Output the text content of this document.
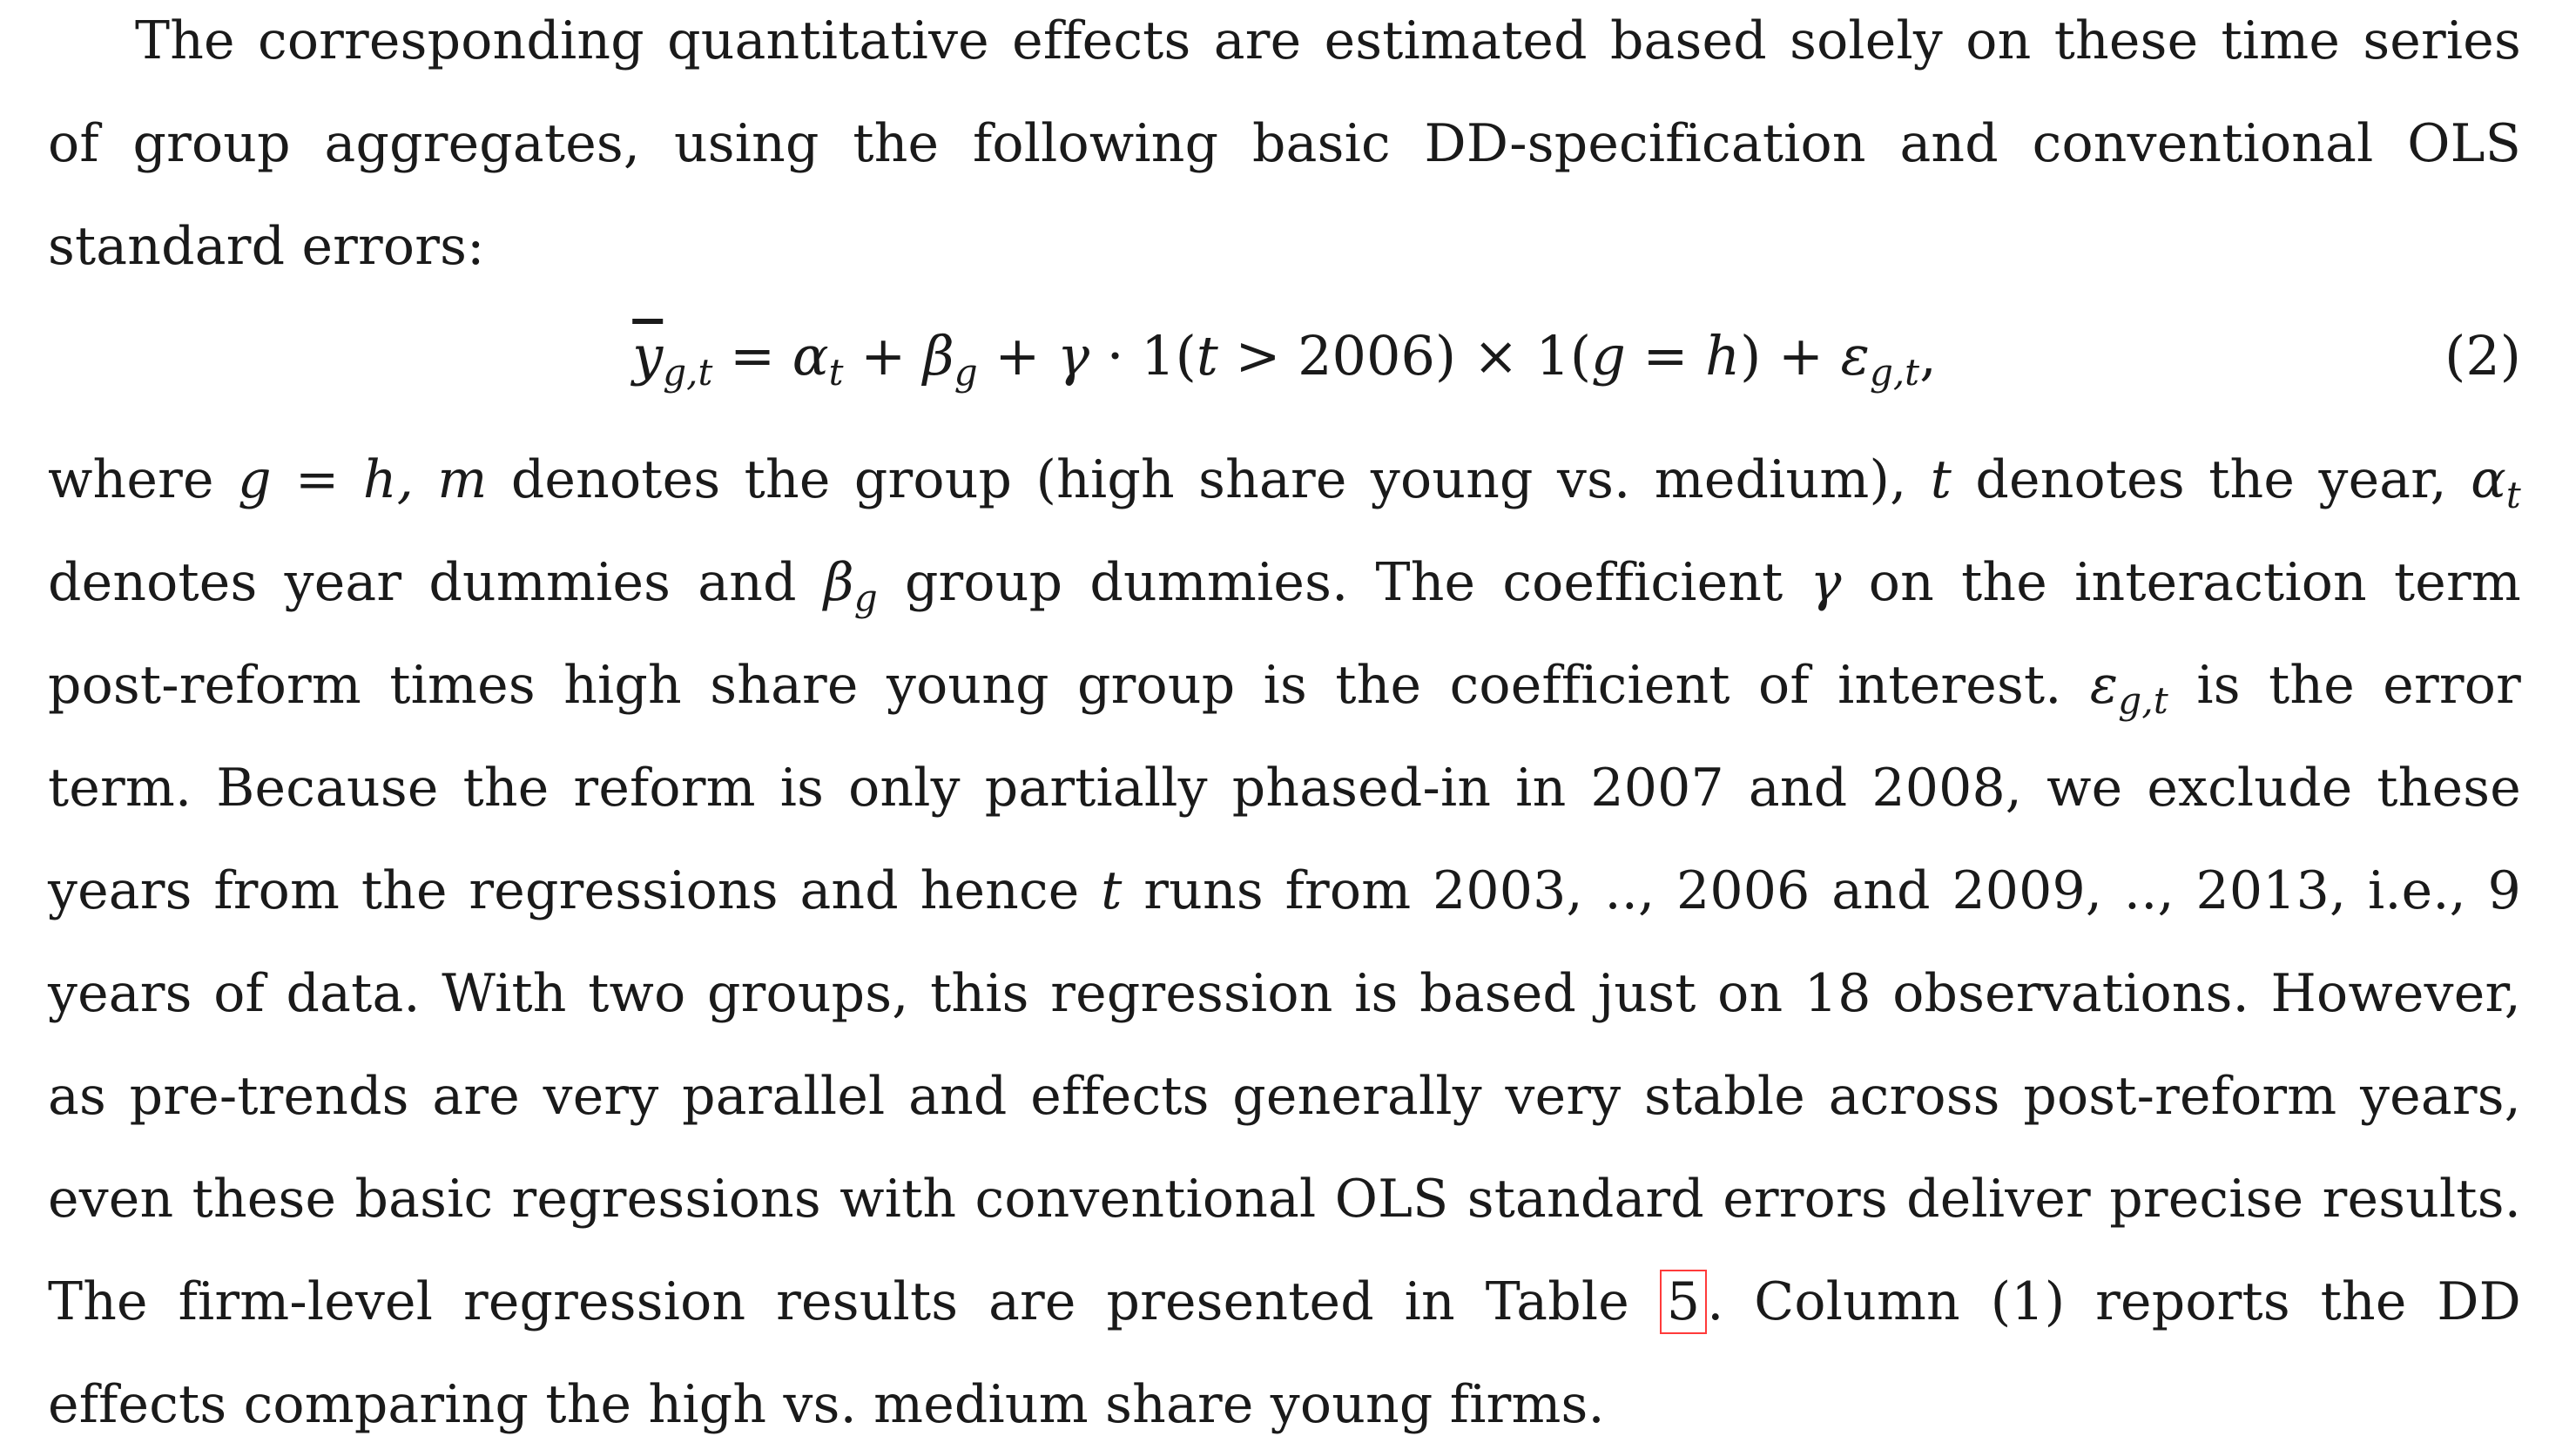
The corresponding quantitative effects are estimated based solely on these time series of group aggregates, using the following basic DD-specification and conventional OLS standard errors:

$\overline{y}_{g,t} = \alpha_t + \beta_g + \gamma \cdot 1(t > 2006) \times 1(g = h) + \varepsilon_{g,t}$,	(2)

where g = h, m denotes the group (high share young vs. medium), t denotes the year, $\alpha_t$ denotes year dummies and $\beta_g$ group dummies. The coefficient γ on the interaction term post-reform times high share young group is the coefficient of interest. $\varepsilon_{g,t}$ is the error term. Because the reform is only partially phased-in in 2007 and 2008, we exclude these years from the regressions and hence t runs from 2003, .., 2006 and 2009, .., 2013, i.e., 9 years of data. With two groups, this regression is based just on 18 observations. However, as pre-trends are very parallel and effects generally very stable across post-reform years, even these basic regressions with conventional OLS standard errors deliver precise results. The firm-level regression results are presented in Table 5 . Column (1) reports the DD effects comparing the high vs. medium share young firms.
